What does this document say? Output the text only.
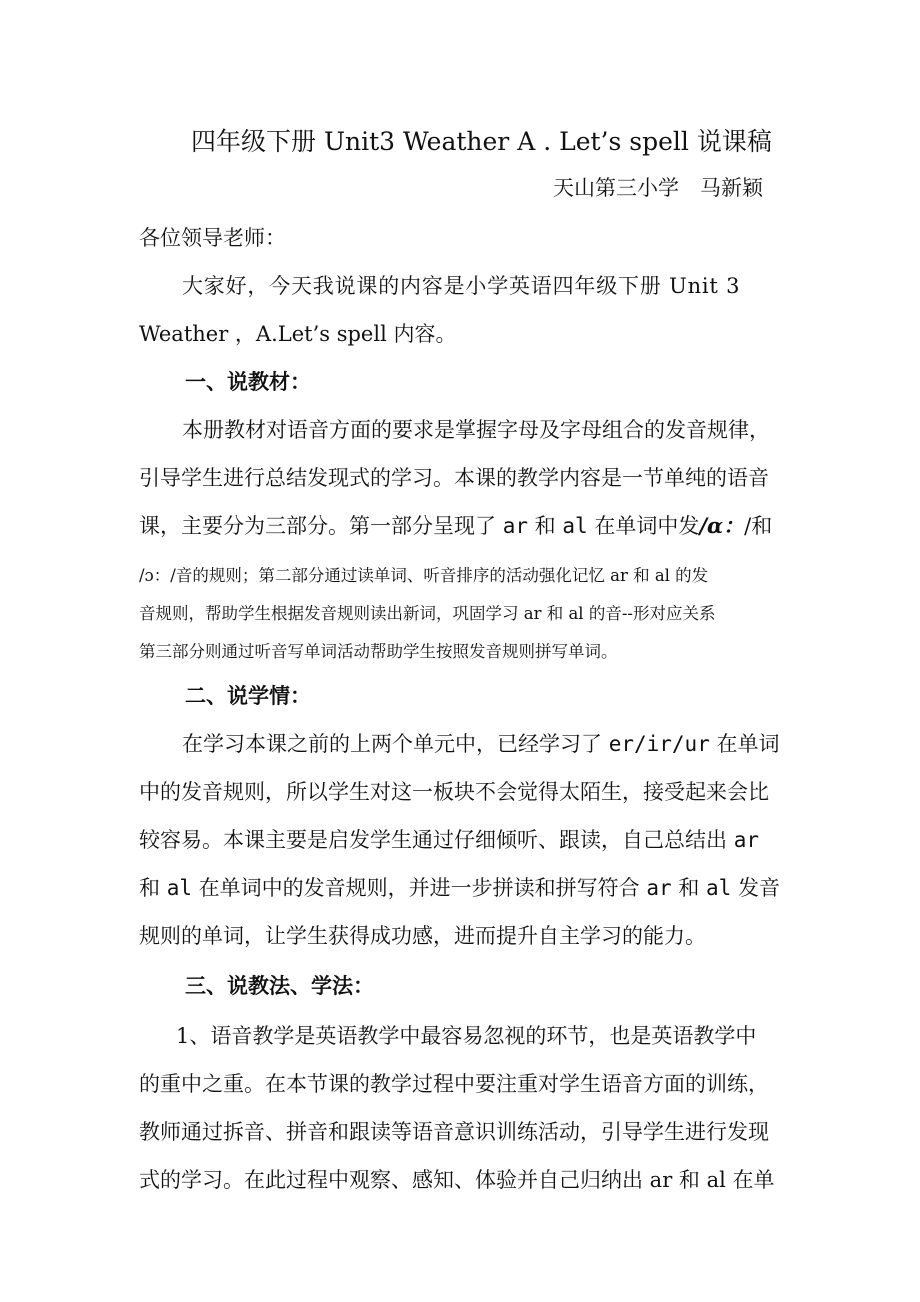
四年级下册 Unit3 Weather A . Let’s spell 说课稿
天山第三小学　马新颖
各位领导老师：
大家好，今天我说课的内容是小学英语四年级下册 Unit 3
Weather ，A.Let’s spell 内容。
一、说教材：
本册教材对语音方面的要求是掌握字母及字母组合的发音规律，
引导学生进行总结发现式的学习。本课的教学内容是一节单纯的语音
课，主要分为三部分。第一部分呈现了 ar 和 al 在单词中发/ɑ：/和
/ɔ：/音的规则；第二部分通过读单词、听音排序的活动强化记忆 ar 和 al 的发
音规则，帮助学生根据发音规则读出新词，巩固学习 ar 和 al 的音--形对应关系
第三部分则通过听音写单词活动帮助学生按照发音规则拼写单词。
二、说学情：
在学习本课之前的上两个单元中，已经学习了 er/ir/ur 在单词
中的发音规则，所以学生对这一板块不会觉得太陌生，接受起来会比
较容易。本课主要是启发学生通过仔细倾听、跟读，自己总结出 ar
和 al 在单词中的发音规则，并进一步拼读和拼写符合 ar 和 al 发音
规则的单词，让学生获得成功感，进而提升自主学习的能力。
三、说教法、学法：
1、语音教学是英语教学中最容易忽视的环节，也是英语教学中
的重中之重。在本节课的教学过程中要注重对学生语音方面的训练，
教师通过拆音、拼音和跟读等语音意识训练活动，引导学生进行发现
式的学习。在此过程中观察、感知、体验并自己归纳出 ar 和 al 在单
